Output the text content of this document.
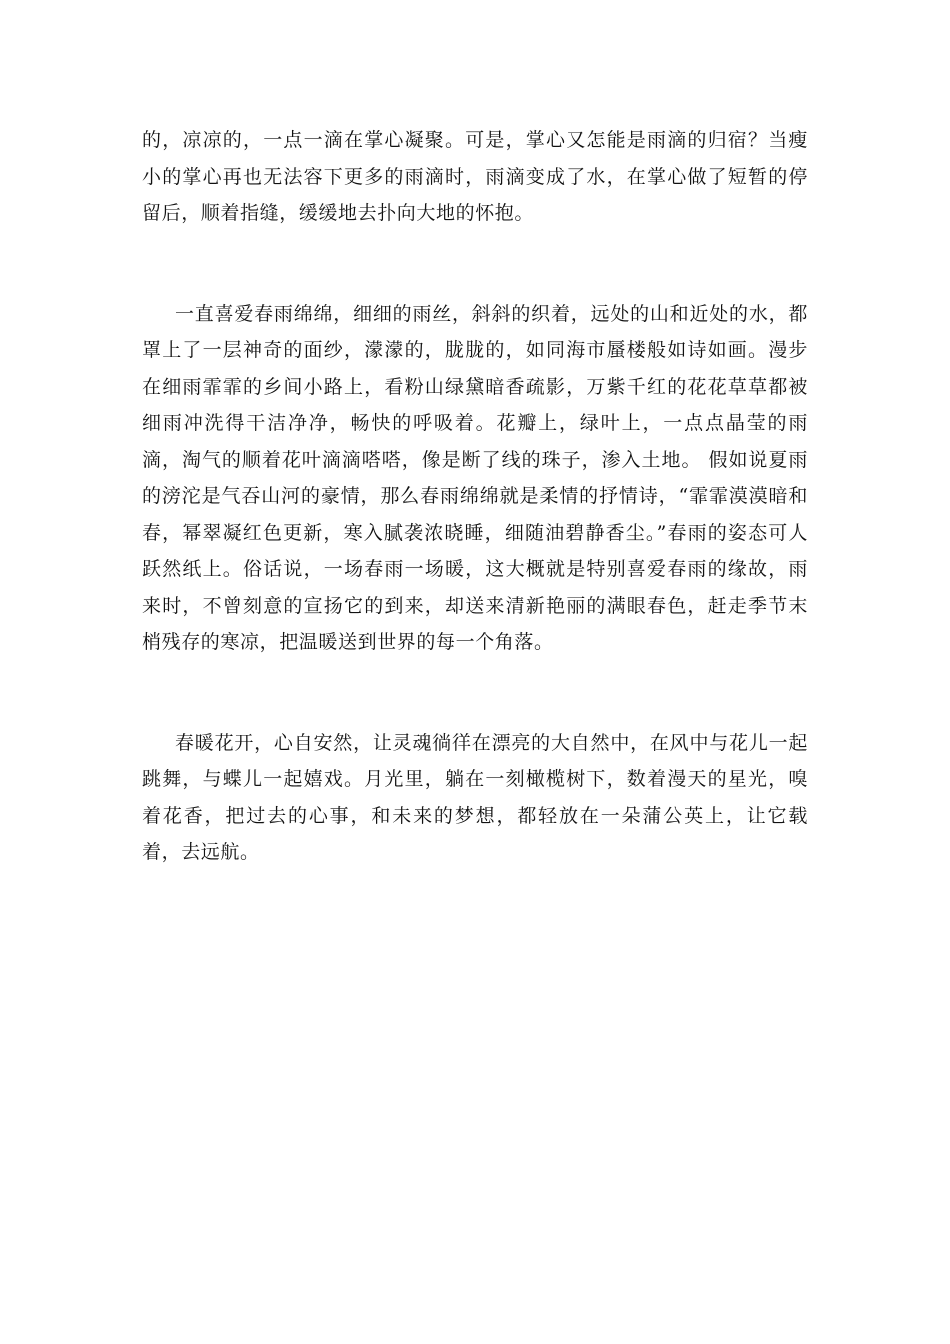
的，凉凉的，一点一滴在掌心凝聚。可是，掌心又怎能是雨滴的归宿？当瘦小的掌心再也无法容下更多的雨滴时，雨滴变成了水，在掌心做了短暂的停留后，顺着指缝，缓缓地去扑向大地的怀抱。

一直喜爱春雨绵绵，细细的雨丝，斜斜的织着，远处的山和近处的水，都罩上了一层神奇的面纱，濛濛的，胧胧的，如同海市蜃楼般如诗如画。漫步在细雨霏霏的乡间小路上，看粉山绿黛暗香疏影，万紫千红的花花草草都被细雨冲洗得干洁净净，畅快的呼吸着。花瓣上，绿叶上，一点点晶莹的雨滴，淘气的顺着花叶滴滴嗒嗒，像是断了线的珠子，渗入土地。 假如说夏雨的滂沱是气吞山河的豪情，那么春雨绵绵就是柔情的抒情诗，“霏霏漠漠暗和春，幂翠凝红色更新，寒入腻袭浓晓睡，细随油碧静香尘。”春雨的姿态可人跃然纸上。俗话说，一场春雨一场暖，这大概就是特别喜爱春雨的缘故，雨来时，不曾刻意的宣扬它的到来，却送来清新艳丽的满眼春色，赶走季节末梢残存的寒凉，把温暖送到世界的每一个角落。

春暖花开，心自安然，让灵魂徜徉在漂亮的大自然中，在风中与花儿一起跳舞，与蝶儿一起嬉戏。月光里，躺在一刻橄榄树下，数着漫天的星光，嗅着花香，把过去的心事，和未来的梦想，都轻放在一朵蒲公英上，让它载着，去远航。
